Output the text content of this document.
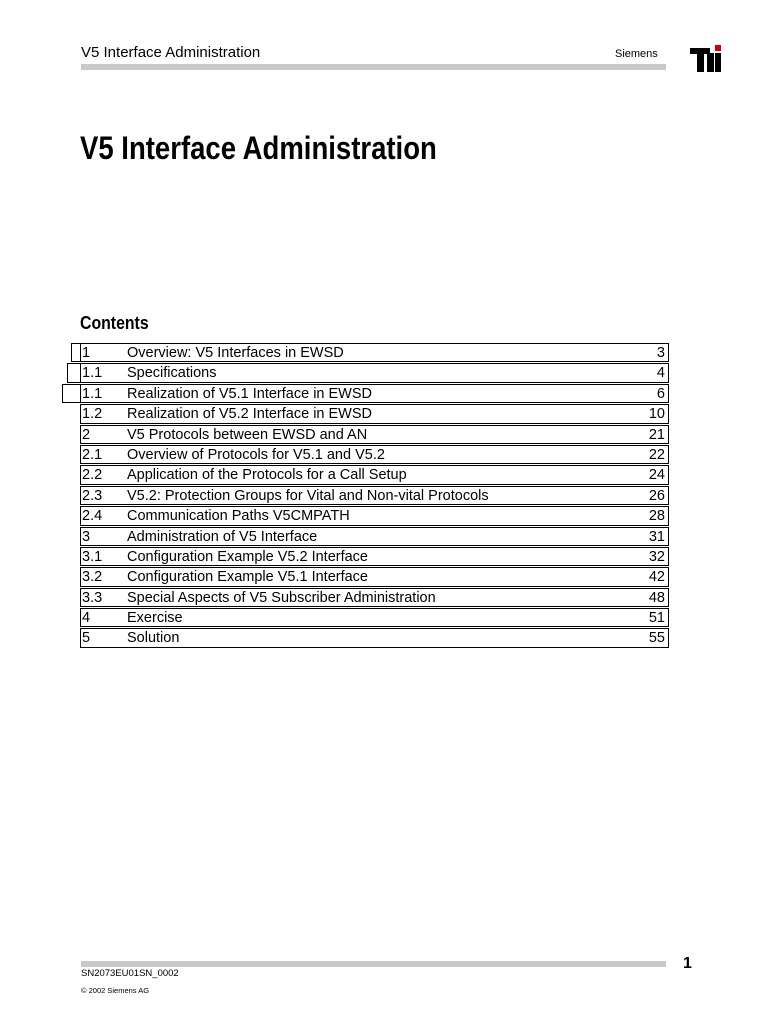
V5 Interface Administration	Siemens
V5 Interface Administration
Contents
1	Overview: V5 Interfaces in EWSD	3
1.1 Specifications	4
1.1 Realization of V5.1 Interface in EWSD	6
1.2 Realization of V5.2 Interface in EWSD	10
2	V5 Protocols between EWSD and AN	21
2.1 Overview of Protocols for V5.1 and V5.2	22
2.2 Application of the Protocols for a Call Setup	24
2.3 V5.2: Protection Groups for Vital and Non-vital Protocols	26
2.4 Communication Paths V5CMPATH	28
3	Administration of V5 Interface	31
3.1 Configuration Example V5.2 Interface	32
3.2 Configuration Example V5.1 Interface	42
3.3 Special Aspects of V5 Subscriber Administration	48
4	Exercise	51
5	Solution	55
1
SN2073EU01SN_0002
© 2002 Siemens AG
